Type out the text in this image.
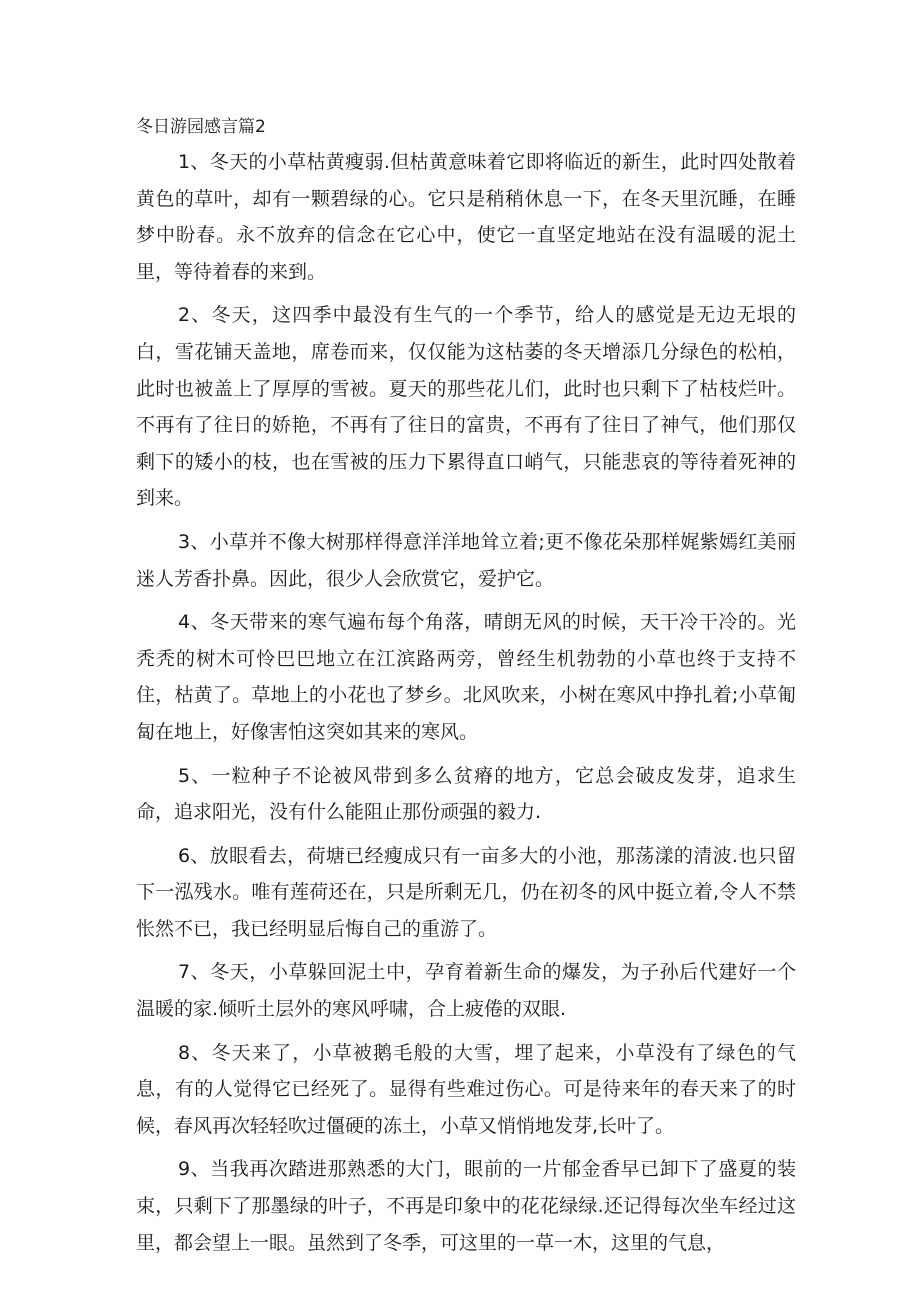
冬日游园感言篇2

1、冬天的小草枯黄瘦弱.但枯黄意味着它即将临近的新生，此时四处散着黄色的草叶，却有一颗碧绿的心。它只是稍稍休息一下，在冬天里沉睡，在睡梦中盼春。永不放弃的信念在它心中，使它一直坚定地站在没有温暖的泥土里，等待着春的来到。

2、冬天，这四季中最没有生气的一个季节，给人的感觉是无边无垠的白，雪花铺天盖地，席卷而来，仅仅能为这枯萎的冬天增添几分绿色的松柏，此时也被盖上了厚厚的雪被。夏天的那些花儿们，此时也只剩下了枯枝烂叶。不再有了往日的娇艳，不再有了往日的富贵，不再有了往日了神气，他们那仅剩下的矮小的枝，也在雪被的压力下累得直口峭气，只能悲哀的等待着死神的到来。

3、小草并不像大树那样得意洋洋地耸立着;更不像花朵那样娓紫嫣红美丽迷人芳香扑鼻。因此，很少人会欣赏它，爱护它。

4、冬天带来的寒气遍布每个角落，晴朗无风的时候，天干冷干冷的。光秃秃的树木可怜巴巴地立在江滨路两旁，曾经生机勃勃的小草也终于支持不住，枯黄了。草地上的小花也了梦乡。北风吹来，小树在寒风中挣扎着;小草匍匐在地上，好像害怕这突如其来的寒风。

5、一粒种子不论被风带到多么贫瘠的地方，它总会破皮发芽，追求生命，追求阳光，没有什么能阻止那份顽强的毅力.

6、放眼看去，荷塘已经瘦成只有一亩多大的小池，那荡漾的清波.也只留下一泓残水。唯有莲荷还在，只是所剩无几，仍在初冬的风中挺立着,令人不禁怅然不已，我已经明显后悔自己的重游了。

7、冬天，小草躲回泥土中，孕育着新生命的爆发，为子孙后代建好一个温暖的家.倾听土层外的寒风呼啸，合上疲倦的双眼.

8、冬天来了，小草被鹅毛般的大雪，埋了起来，小草没有了绿色的气息，有的人觉得它已经死了。显得有些难过伤心。可是待来年的春天来了的时候，春风再次轻轻吹过僵硬的冻土，小草又悄悄地发芽,长叶了。

9、当我再次踏进那熟悉的大门，眼前的一片郁金香早已卸下了盛夏的装束，只剩下了那墨绿的叶子，不再是印象中的花花绿绿.还记得每次坐车经过这里，都会望上一眼。虽然到了冬季，可这里的一草一木，这里的气息，
